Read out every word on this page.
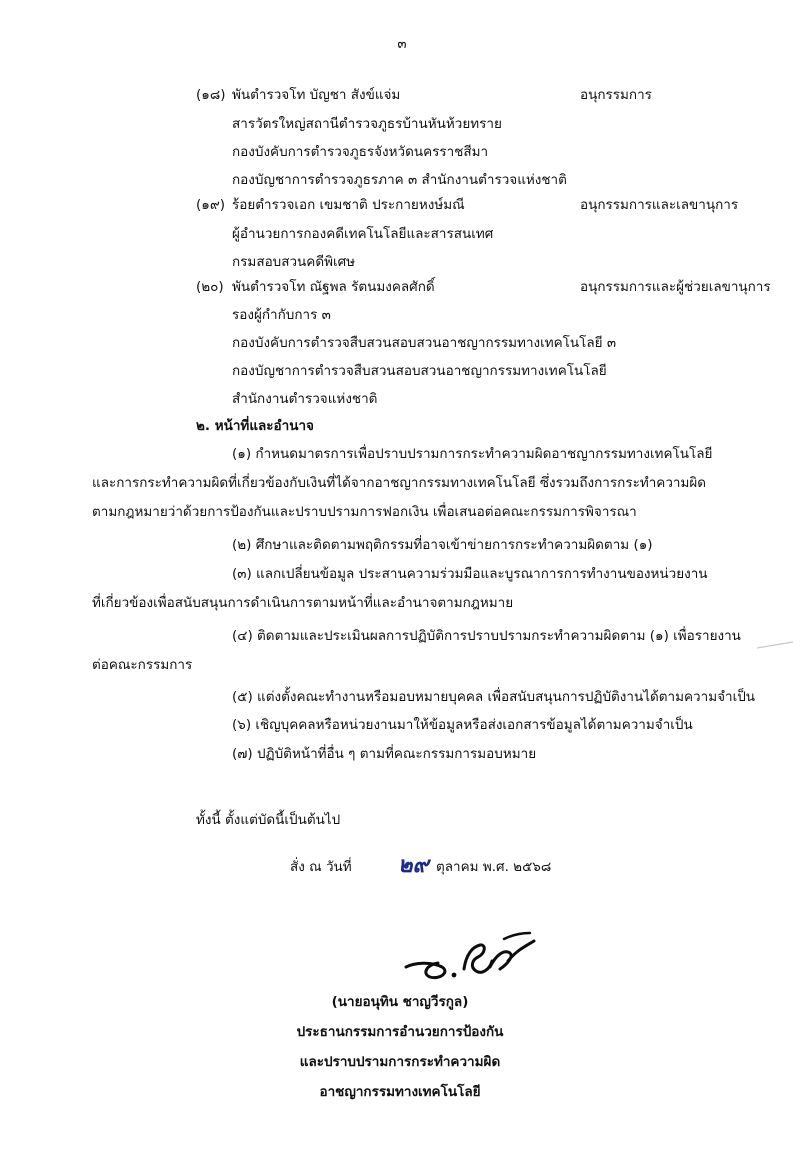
๓
(๑๘) พันตำรวจโท บัญชา สังข์แจ่ม	อนุกรรมการ
สารวัตรใหญ่สถานีตำรวจภูธรบ้านหันห้วยทราย
กองบังคับการตำรวจภูธรจังหวัดนครราชสีมา
กองบัญชาการตำรวจภูธรภาค ๓ สำนักงานตำรวจแห่งชาติ
(๑๙) ร้อยตำรวจเอก เขมชาติ ประกายหงษ์มณี	อนุกรรมการและเลขานุการ
ผู้อำนวยการกองคดีเทคโนโลยีและสารสนเทศ
กรมสอบสวนคดีพิเศษ
(๒๐) พันตำรวจโท ณัฐพล รัตนมงคลศักดิ์	อนุกรรมการและผู้ช่วยเลขานุการ
รองผู้กำกับการ ๓
กองบังคับการตำรวจสืบสวนสอบสวนอาชญากรรมทางเทคโนโลยี ๓
กองบัญชาการตำรวจสืบสวนสอบสวนอาชญากรรมทางเทคโนโลยี
สำนักงานตำรวจแห่งชาติ
๒. หน้าที่และอำนาจ
(๑) กำหนดมาตรการเพื่อปราบปรามการกระทำความผิดอาชญากรรมทางเทคโนโลยี
และการกระทำความผิดที่เกี่ยวข้องกับเงินที่ได้จากอาชญากรรมทางเทคโนโลยี ซึ่งรวมถึงการกระทำความผิด
ตามกฎหมายว่าด้วยการป้องกันและปราบปรามการฟอกเงิน เพื่อเสนอต่อคณะกรรมการพิจารณา
(๒) ศึกษาและติดตามพฤติกรรมที่อาจเข้าข่ายการกระทำความผิดตาม (๑)
(๓) แลกเปลี่ยนข้อมูล ประสานความร่วมมือและบูรณาการการทำงานของหน่วยงาน
ที่เกี่ยวข้องเพื่อสนับสนุนการดำเนินการตามหน้าที่และอำนาจตามกฎหมาย
(๔) ติดตามและประเมินผลการปฏิบัติการปราบปรามกระทำความผิดตาม (๑) เพื่อรายงาน
ต่อคณะกรรมการ
(๕) แต่งตั้งคณะทำงานหรือมอบหมายบุคคล เพื่อสนับสนุนการปฏิบัติงานได้ตามความจำเป็น
(๖) เชิญบุคคลหรือหน่วยงานมาให้ข้อมูลหรือส่งเอกสารข้อมูลได้ตามความจำเป็น
(๗) ปฏิบัติหน้าที่อื่น ๆ ตามที่คณะกรรมการมอบหมาย
ทั้งนี้ ตั้งแต่บัดนี้เป็นต้นไป
สั่ง ณ วันที่ ๒๙ ตุลาคม พ.ศ. ๒๕๖๘
(นายอนุทิน ชาญวีรกูล)
ประธานกรรมการอำนวยการป้องกัน
และปราบปรามการกระทำความผิด
อาชญากรรมทางเทคโนโลยี
